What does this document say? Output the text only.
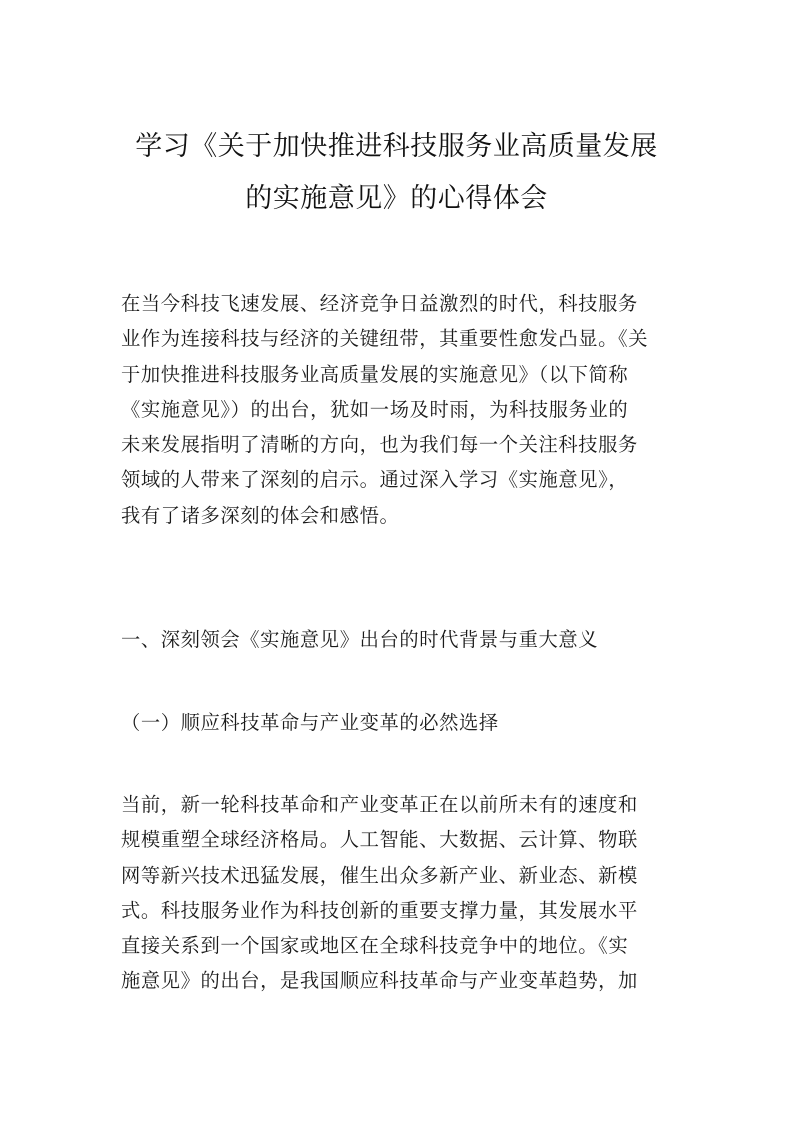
学习《关于加快推进科技服务业高质量发展
的实施意见》的心得体会
在当今科技飞速发展、经济竞争日益激烈的时代，科技服务
业作为连接科技与经济的关键纽带，其重要性愈发凸显。《关
于加快推进科技服务业高质量发展的实施意见》（以下简称
《实施意见》）的出台，犹如一场及时雨，为科技服务业的
未来发展指明了清晰的方向，也为我们每一个关注科技服务
领域的人带来了深刻的启示。通过深入学习《实施意见》，
我有了诸多深刻的体会和感悟。
一、深刻领会《实施意见》出台的时代背景与重大意义
（一）顺应科技革命与产业变革的必然选择
当前，新一轮科技革命和产业变革正在以前所未有的速度和
规模重塑全球经济格局。人工智能、大数据、云计算、物联
网等新兴技术迅猛发展，催生出众多新产业、新业态、新模
式。科技服务业作为科技创新的重要支撑力量，其发展水平
直接关系到一个国家或地区在全球科技竞争中的地位。《实
施意见》的出台，是我国顺应科技革命与产业变革趋势，加
